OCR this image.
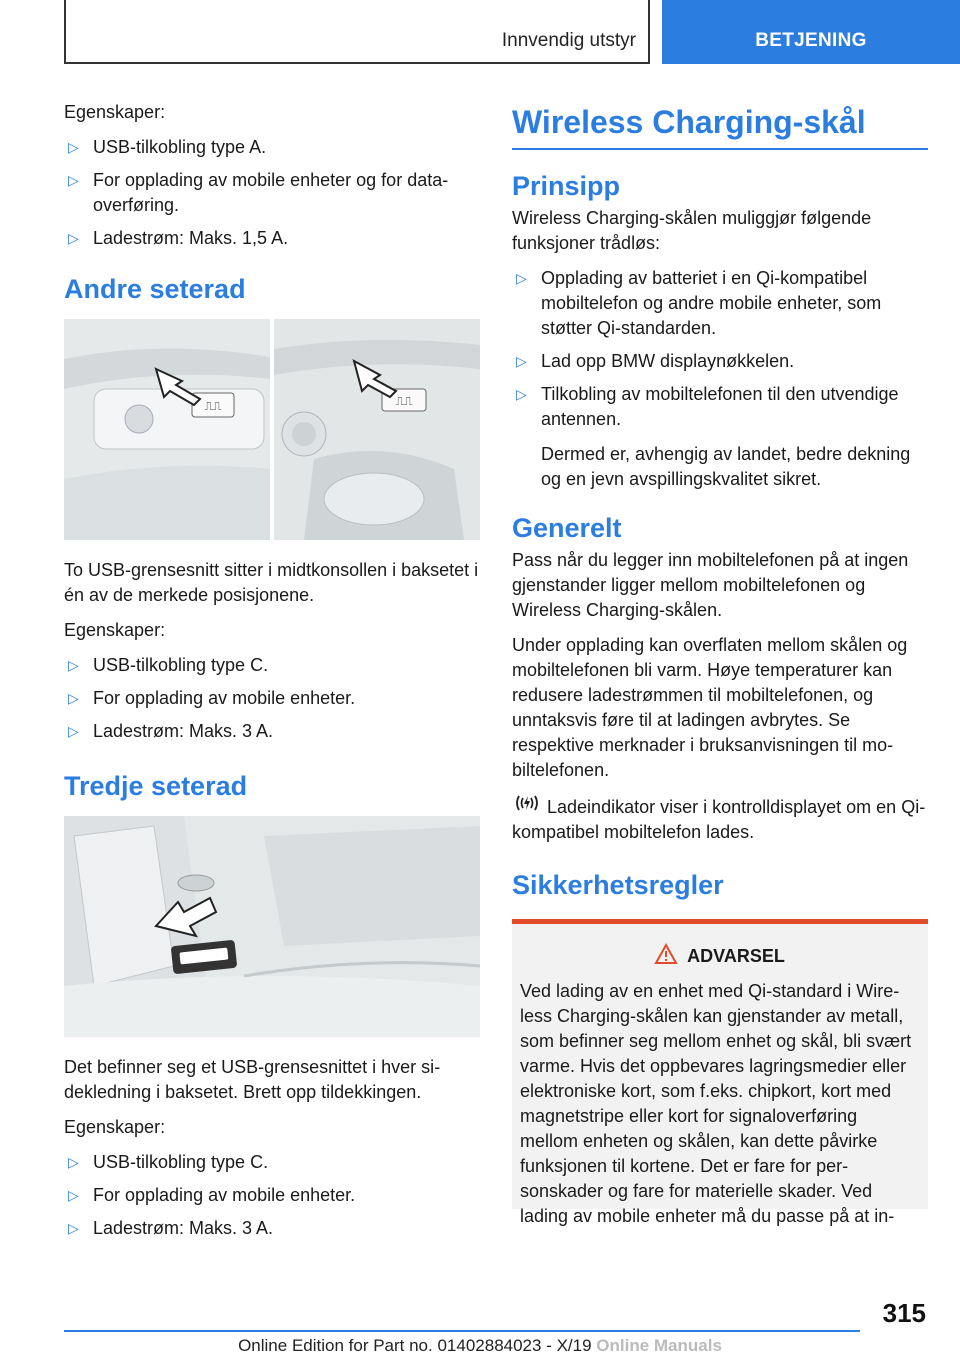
Innvendig utstyr	BETJENING

Egenskaper:

▷ USB-tilkobling type A.
▷ For opplading av mobile enheter og for dataoverføring.
▷ Ladestrøm: Maks. 1,5 A.
Andre seterad
⎍⎍	⎍⎍

To USB-grensesnitt sitter i midtkonsollen i baksetet i én av de merkede posisjonene.

Egenskaper:

▷ USB-tilkobling type C.
▷ For opplading av mobile enheter.
▷ Ladestrøm: Maks. 3 A.
Tredje seterad

Det befinner seg et USB-grensesnittet i hver sidekledning i baksetet. Brett opp tildekkingen.

Egenskaper:

▷ USB-tilkobling type C.
▷ For opplading av mobile enheter.
▷ Ladestrøm: Maks. 3 A.
Wireless Charging-skål
Prinsipp

Wireless Charging-skålen muliggjør følgende funksjoner trådløs:

▷ Opplading av batteriet i en Qi-kompatibel mobiltelefon og andre mobile enheter, som støtter Qi-standarden.
▷ Lad opp BMW displaynøkkelen.
▷ Tilkobling av mobiltelefonen til den utvendige antennen.

Dermed er, avhengig av landet, bedre dekning og en jevn avspillingskvalitet sikret.

Generelt

Pass når du legger inn mobiltelefonen på at ingen gjenstander ligger mellom mobiltelefonen og Wireless Charging-skålen.

Under opplading kan overflaten mellom skålen og mobiltelefonen bli varm. Høye temperaturer kan redusere ladestrømmen til mobiltelefonen, og unntaksvis føre til at ladingen avbrytes. Se respektive merknader i bruksanvisningen til mobiltelefonen.

Ladeindikator viser i kontrolldisplayet om en Qi-kompatibel mobiltelefon lades.

Sikkerhetsregler
ADVARSEL

Ved lading av en enhet med Qi-standard i Wireless Charging-skålen kan gjenstander av metall, som befinner seg mellom enhet og skål, bli svært varme. Hvis det oppbevares lagringsmedier eller elektroniske kort, som f.eks. chipkort, kort med magnetstripe eller kort for signaloverføring mellom enheten og skålen, kan dette påvirke funksjonen til kortene. Det er fare for personskader og fare for materielle skader. Ved lading av mobile enheter må du passe på at in-

315
Online Edition for Part no. 01402884023 - X/19 Online Manuals
